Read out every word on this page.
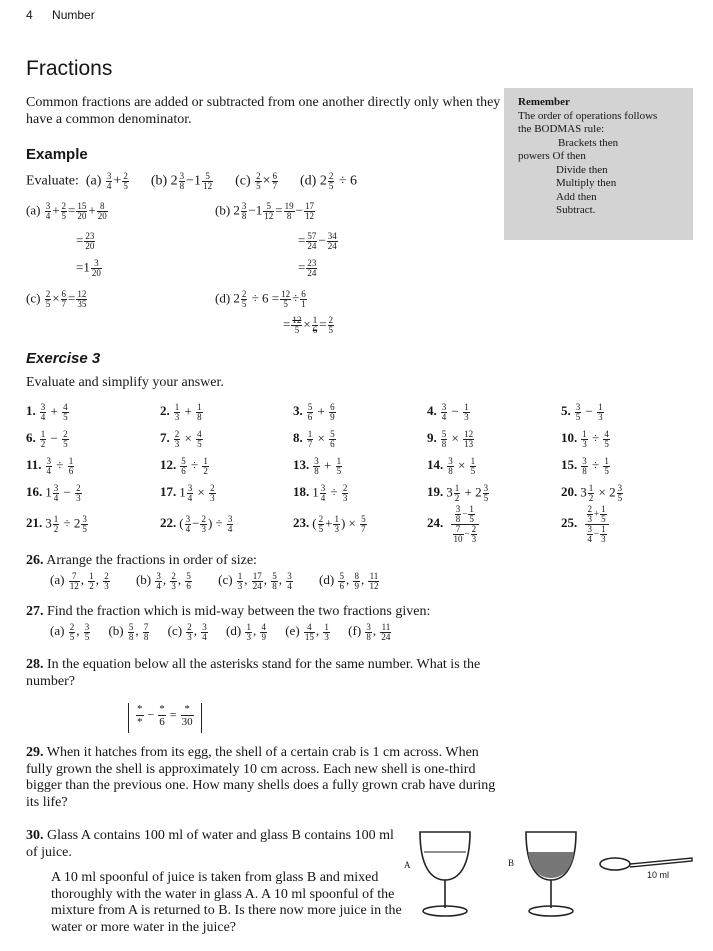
4 Number
Fractions
Common fractions are added or subtracted from one another directly only when they have a common denominator.
Remember
The order of operations follows
the BODMAS rule:
Brackets then
powers Of then
Divide then
Multiply then
Add then
Subtract.
Example
Evaluate: $(a) \frac{3}{4} + \frac{2}{5} (b)$ $2 \frac{3}{8} -1 \frac{5}{12} (c) \frac{2}{5} \times \frac{6}{7} (d)$ $2 \frac{2}{5} \div 6$
$(a) \frac{3}{4} + \frac{2}{5} = \frac{15}{20} + \frac{8}{20}$
= $\frac{23}{20}$
$=1 \frac{3}{20}$
(b) $2 \frac{3}{8} -1 \frac{5}{12} = \frac{19}{8} - \frac{17}{12}$
= $\frac{57}{24} - \frac{34}{24}$
= $\frac{23}{24}$
$(c) \frac{2}{5} \times \frac{6}{7} = \frac{12}{35}$	(d) $2 \frac{2}{5} \div 6 = \frac{12}{5} \div \frac{6}{1}$
= $\frac{12}{5} \times \frac{1}{6} = \frac{2}{5}$
Exercise 3
Evaluate and simplify your answer.
1. $\frac{3}{4} + \frac{4}{5}$	2. $\frac{1}{3} + \frac{1}{8}$	3. $\frac{5}{6} + \frac{6}{9}$	4. $\frac{3}{4} - \frac{1}{3}$	5. $\frac{3}{5} - \frac{1}{3}$
6. $\frac{1}{2} - \frac{2}{5}$	7. $\frac{2}{3} \times \frac{4}{5}$	8. $\frac{1}{7} \times \frac{5}{6}$	9. $\frac{5}{8} \times \frac{12}{13}$	10. $\frac{1}{3} \div \frac{4}{5}$
11. $\frac{3}{4} \div \frac{1}{6}$	12. $\frac{5}{6} \div \frac{1}{2}$	13. $\frac{3}{8} + \frac{1}{5}$	14. $\frac{3}{8} \times \frac{1}{5}$	15. $\frac{3}{8} \div \frac{1}{5}$
16. $1 \frac{3}{4} - \frac{2}{3}$	17. $1 \frac{3}{4} \times \frac{2}{3}$	18. $1 \frac{3}{4} \div \frac{2}{3}$	19. $3 \frac{1}{2} + 2 \frac{3}{5}$	20. $3 \frac{1}{2} \times 2 \frac{3}{5}$
21. $3 \frac{1}{2} \div 2 \frac{3}{5}$	22. ( $\frac{3}{4} - \frac{2}{3}$ ) ÷ $\frac{3}{4}$	23. ( $\frac{2}{5} + \frac{1}{3}$ ) × $\frac{5}{7}$	24. $\frac{\frac{3}{8} - \frac{1}{5}}{\frac{7}{10} - \frac{2}{3}}$	25. $\frac{\frac{2}{3} + \frac{1}{5}}{\frac{3}{4} - \frac{1}{3}}$
26. Arrange the fractions in order of size:
$(a) \frac{7}{12}$ , $\frac{1}{2}$ , $\frac{2}{3} (b) \frac{3}{4}$ , $\frac{2}{3}$ , $\frac{5}{6} (c) \frac{1}{3}$ , $\frac{17}{24}$ , $\frac{5}{8}$ , $\frac{3}{4} (d) \frac{5}{6}$ , $\frac{8}{9}$ , $\frac{11}{12}$
27. Find the fraction which is mid-way between the two fractions given:
$(a) \frac{2}{5}$ , $\frac{3}{5} (b) \frac{5}{8}$ , $\frac{7}{8} (c) \frac{2}{3}$ , $\frac{3}{4} (d) \frac{1}{3}$ , $\frac{4}{9} (e) \frac{4}{15}$ , $\frac{1}{3} (f) \frac{3}{8}$ , $\frac{11}{24}$
28. In the equation below all the asterisks stand for the same number. What is the number?
*
*
− *
6
= *
30
29. When it hatches from its egg, the shell of a certain crab is 1 cm across. When fully grown the shell is approximately 10 cm across. Each new shell is one-third bigger than the previous one. How many shells does a fully grown crab have during its life?
30. Glass A contains 100 ml of water and glass B contains 100 ml of juice.
A 10 ml spoonful of juice is taken from glass B and mixed thoroughly with the water in glass A. A 10 ml spoonful of the mixture from A is returned to B. Is there now more juice in the water or more water in the juice?
A	B
10 ml
